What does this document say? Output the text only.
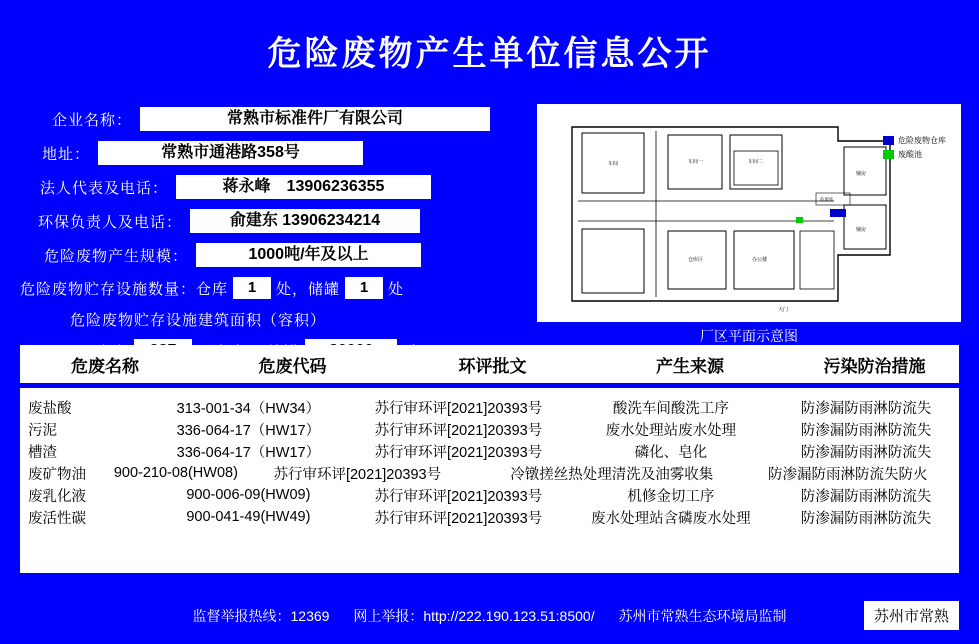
危险废物产生单位信息公开
企业名称：	常熟市标准件厂有限公司
地址：	常熟市通港路358号
法人代表及电话：	蒋永峰　13906236355
环保负责人及电话：	俞建东 13906234214
危险废物产生规模：	1000吨/年及以上
危险废物贮存设施数量：仓库	1	处，储罐	1	处
危险废物贮存设施建筑面积（容积）
车间	车间一	车间二
仓库区	办公楼
危废库
辅房
辅房
大门
危险废物仓库
废酸池
厂区平面示意图
危废名称	危废代码	环评批文	产生来源	污染防治措施
废盐酸	313-001-34（HW34）	苏行审环评[2021]20393号	酸洗车间酸洗工序	防渗漏防雨淋防流失
污泥	336-064-17（HW17）	苏行审环评[2021]20393号	废水处理站废水处理	防渗漏防雨淋防流失
槽渣	336-064-17（HW17）	苏行审环评[2021]20393号	磷化、皂化	防渗漏防雨淋防流失
废矿物油	900-210-08(HW08)	苏行审环评[2021]20393号	冷镦搓丝热处理清洗及油雾收集	防渗漏防雨淋防流失防火
废乳化液	900-006-09(HW09)	苏行审环评[2021]20393号	机修金切工序	防渗漏防雨淋防流失
废活性碳	900-041-49(HW49)	苏行审环评[2021]20393号	废水处理站含磷废水处理	防渗漏防雨淋防流失
监督举报热线：12369 网上举报：http://222.190.123.51:8500/ 苏州市常熟生态环境局监制	苏州市常熟
